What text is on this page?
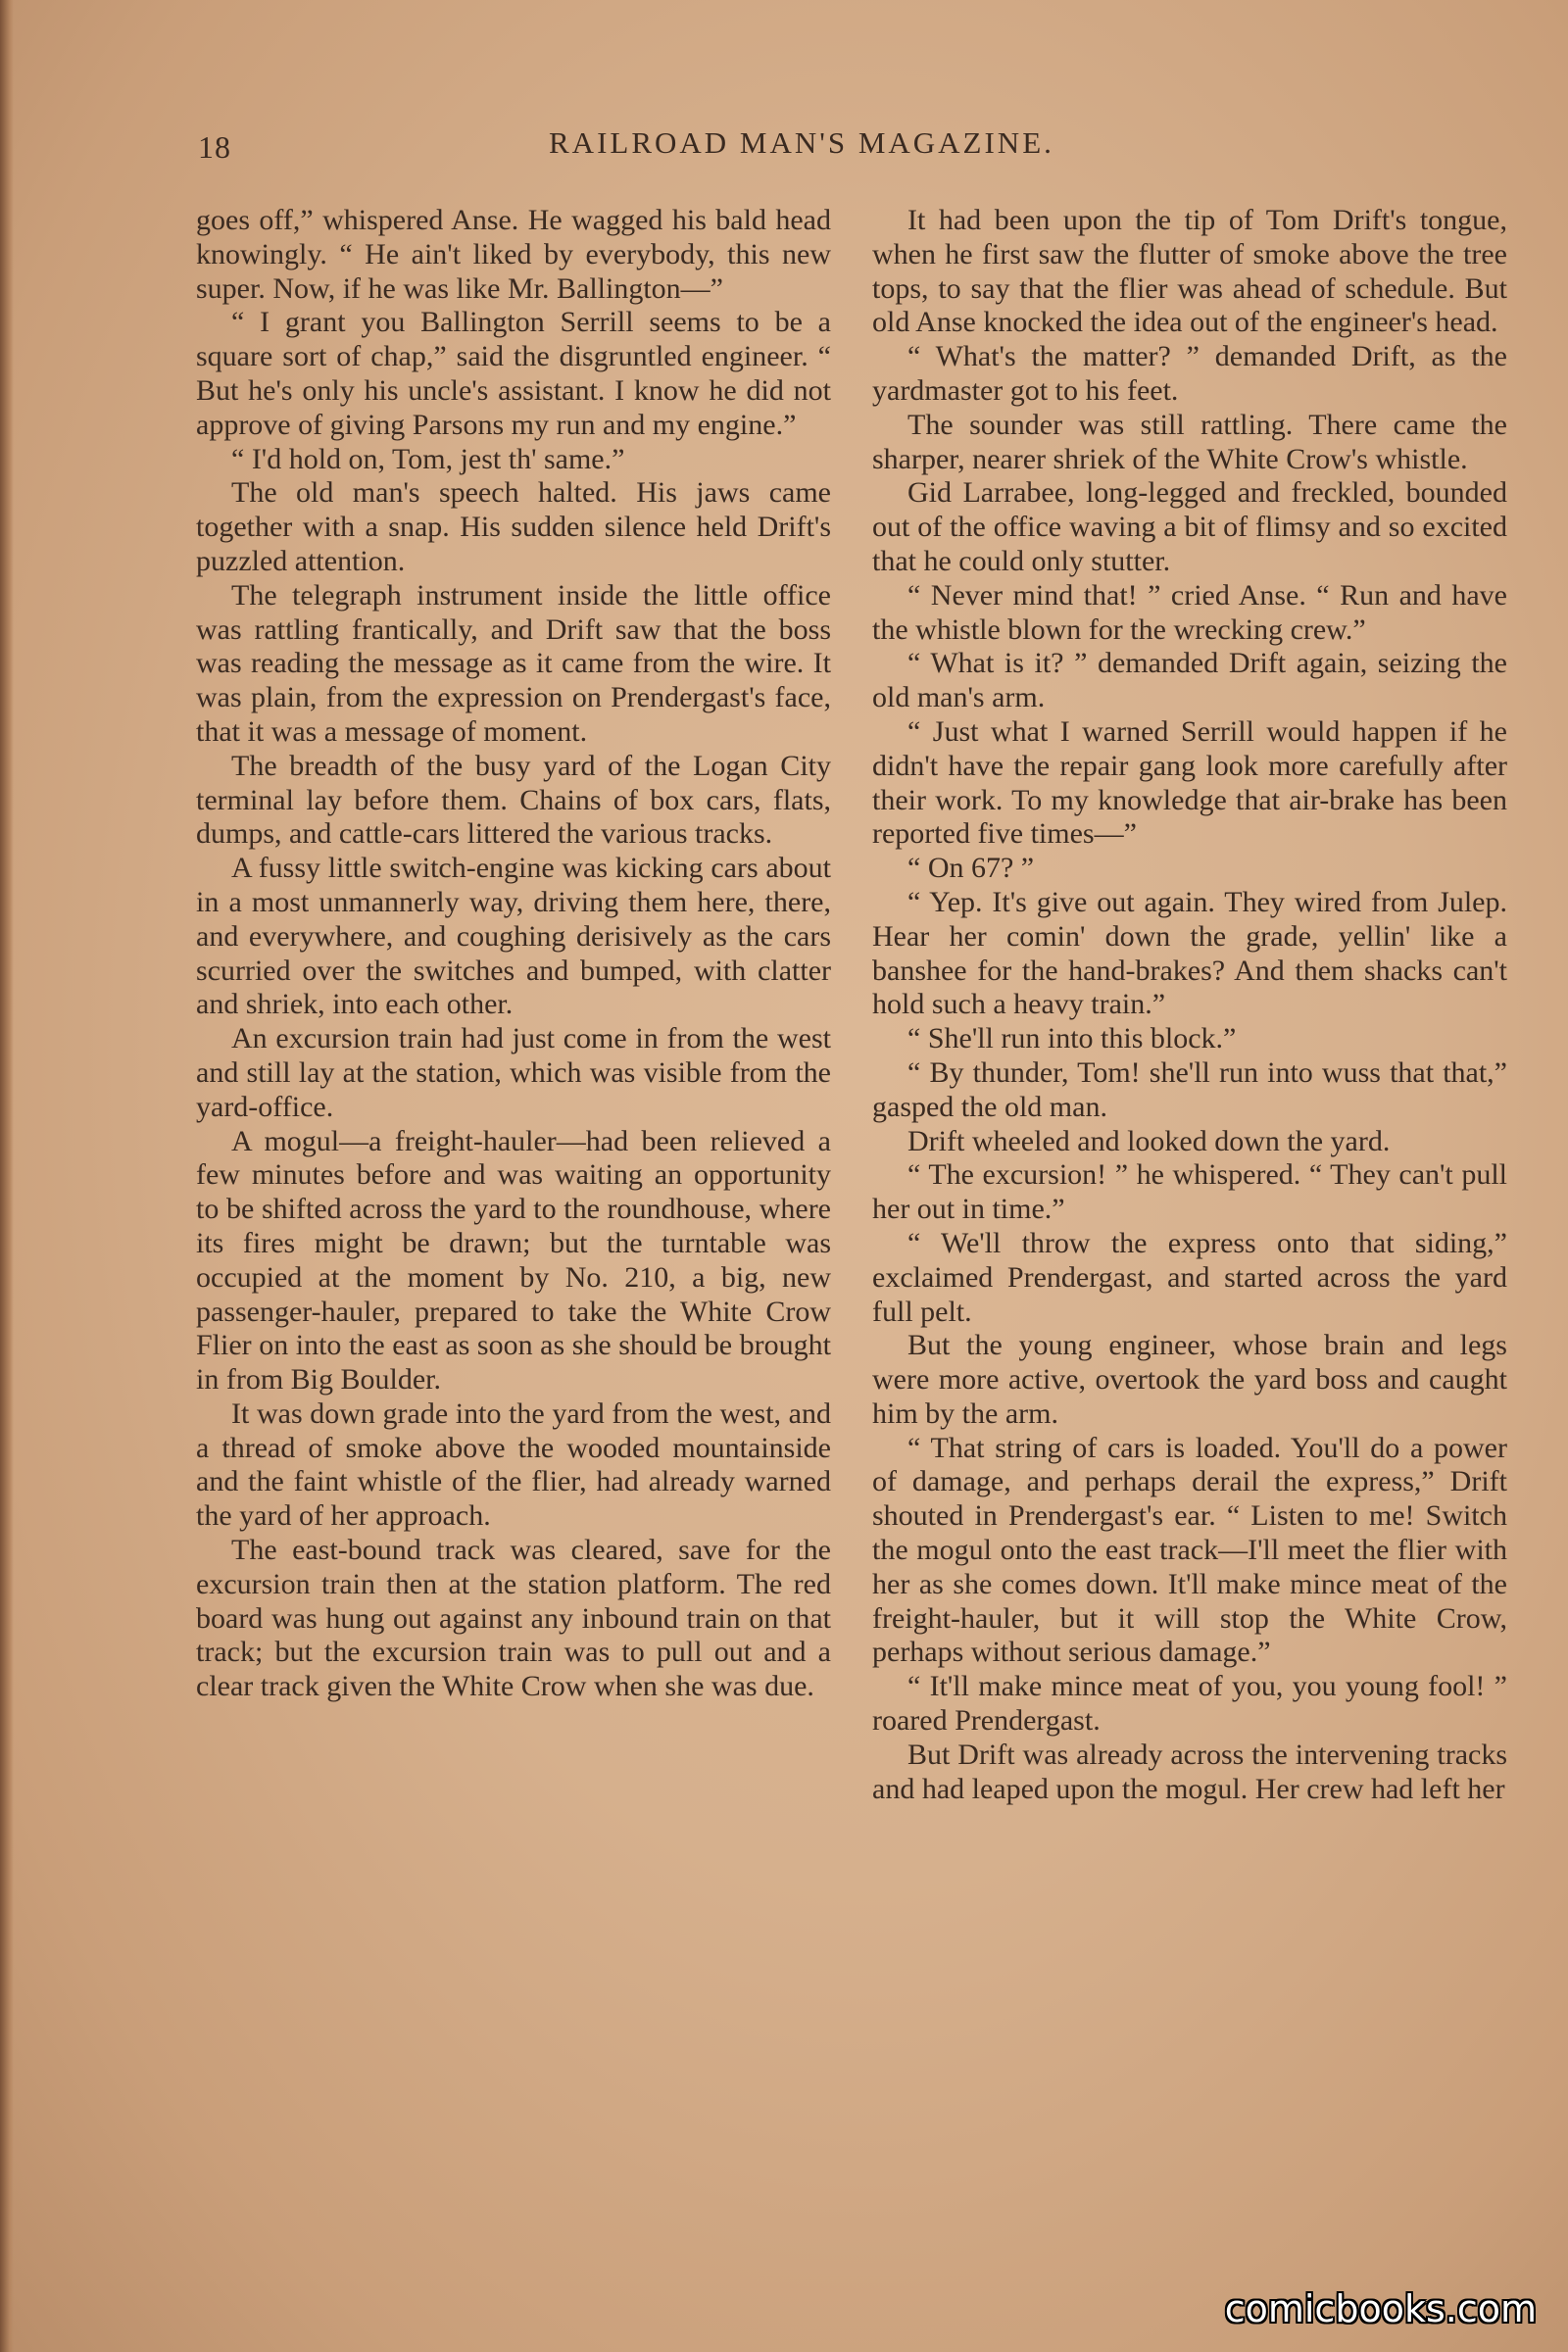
18	RAILROAD MAN'S MAGAZINE.

goes off,” whispered Anse. He wagged his bald head knowingly. “ He ain't liked by everybody, this new super. Now, if he was like Mr. Ballington—”

“ I grant you Ballington Serrill seems to be a square sort of chap,” said the disgruntled engineer. “ But he's only his uncle's assistant. I know he did not approve of giving Parsons my run and my engine.”

“ I'd hold on, Tom, jest th' same.”

The old man's speech halted. His jaws came together with a snap. His sudden silence held Drift's puzzled attention.

The telegraph instrument inside the little office was rattling frantically, and Drift saw that the boss was reading the message as it came from the wire. It was plain, from the expression on Prendergast's face, that it was a message of moment.

The breadth of the busy yard of the Logan City terminal lay before them. Chains of box cars, flats, dumps, and cattle-cars littered the various tracks.

A fussy little switch-engine was kicking cars about in a most unmannerly way, driving them here, there, and everywhere, and coughing derisively as the cars scurried over the switches and bumped, with clatter and shriek, into each other.

An excursion train had just come in from the west and still lay at the station, which was visible from the yard-office.

A mogul—a freight-hauler—had been relieved a few minutes before and was waiting an opportunity to be shifted across the yard to the roundhouse, where its fires might be drawn; but the turntable was occupied at the moment by No. 210, a big, new passenger-hauler, prepared to take the White Crow Flier on into the east as soon as she should be brought in from Big Boulder.

It was down grade into the yard from the west, and a thread of smoke above the wooded mountainside and the faint whistle of the flier, had already warned the yard of her approach.

The east-bound track was cleared, save for the excursion train then at the station platform. The red board was hung out against any inbound train on that track; but the excursion train was to pull out and a clear track given the White Crow when she was due.

It had been upon the tip of Tom Drift's tongue, when he first saw the flutter of smoke above the tree tops, to say that the flier was ahead of schedule. But old Anse knocked the idea out of the engineer's head.

“ What's the matter? ” demanded Drift, as the yardmaster got to his feet.

The sounder was still rattling. There came the sharper, nearer shriek of the White Crow's whistle.

Gid Larrabee, long-legged and freckled, bounded out of the office waving a bit of flimsy and so excited that he could only stutter.

“ Never mind that! ” cried Anse. “ Run and have the whistle blown for the wrecking crew.”

“ What is it? ” demanded Drift again, seizing the old man's arm.

“ Just what I warned Serrill would happen if he didn't have the repair gang look more carefully after their work. To my knowledge that air-brake has been reported five times—”

“ On 67? ”

“ Yep. It's give out again. They wired from Julep. Hear her comin' down the grade, yellin' like a banshee for the hand-brakes? And them shacks can't hold such a heavy train.”

“ She'll run into this block.”

“ By thunder, Tom! she'll run into wuss that that,” gasped the old man.

Drift wheeled and looked down the yard.

“ The excursion! ” he whispered. “ They can't pull her out in time.”

“ We'll throw the express onto that siding,” exclaimed Prendergast, and started across the yard full pelt.

But the young engineer, whose brain and legs were more active, overtook the yard boss and caught him by the arm.

“ That string of cars is loaded. You'll do a power of damage, and perhaps derail the express,” Drift shouted in Prendergast's ear. “ Listen to me! Switch the mogul onto the east track—I'll meet the flier with her as she comes down. It'll make mince meat of the freight-hauler, but it will stop the White Crow, perhaps without serious damage.”

“ It'll make mince meat of you, you young fool! ” roared Prendergast.

But Drift was already across the intervening tracks and had leaped upon the mogul. Her crew had left her

comicbooks.com
